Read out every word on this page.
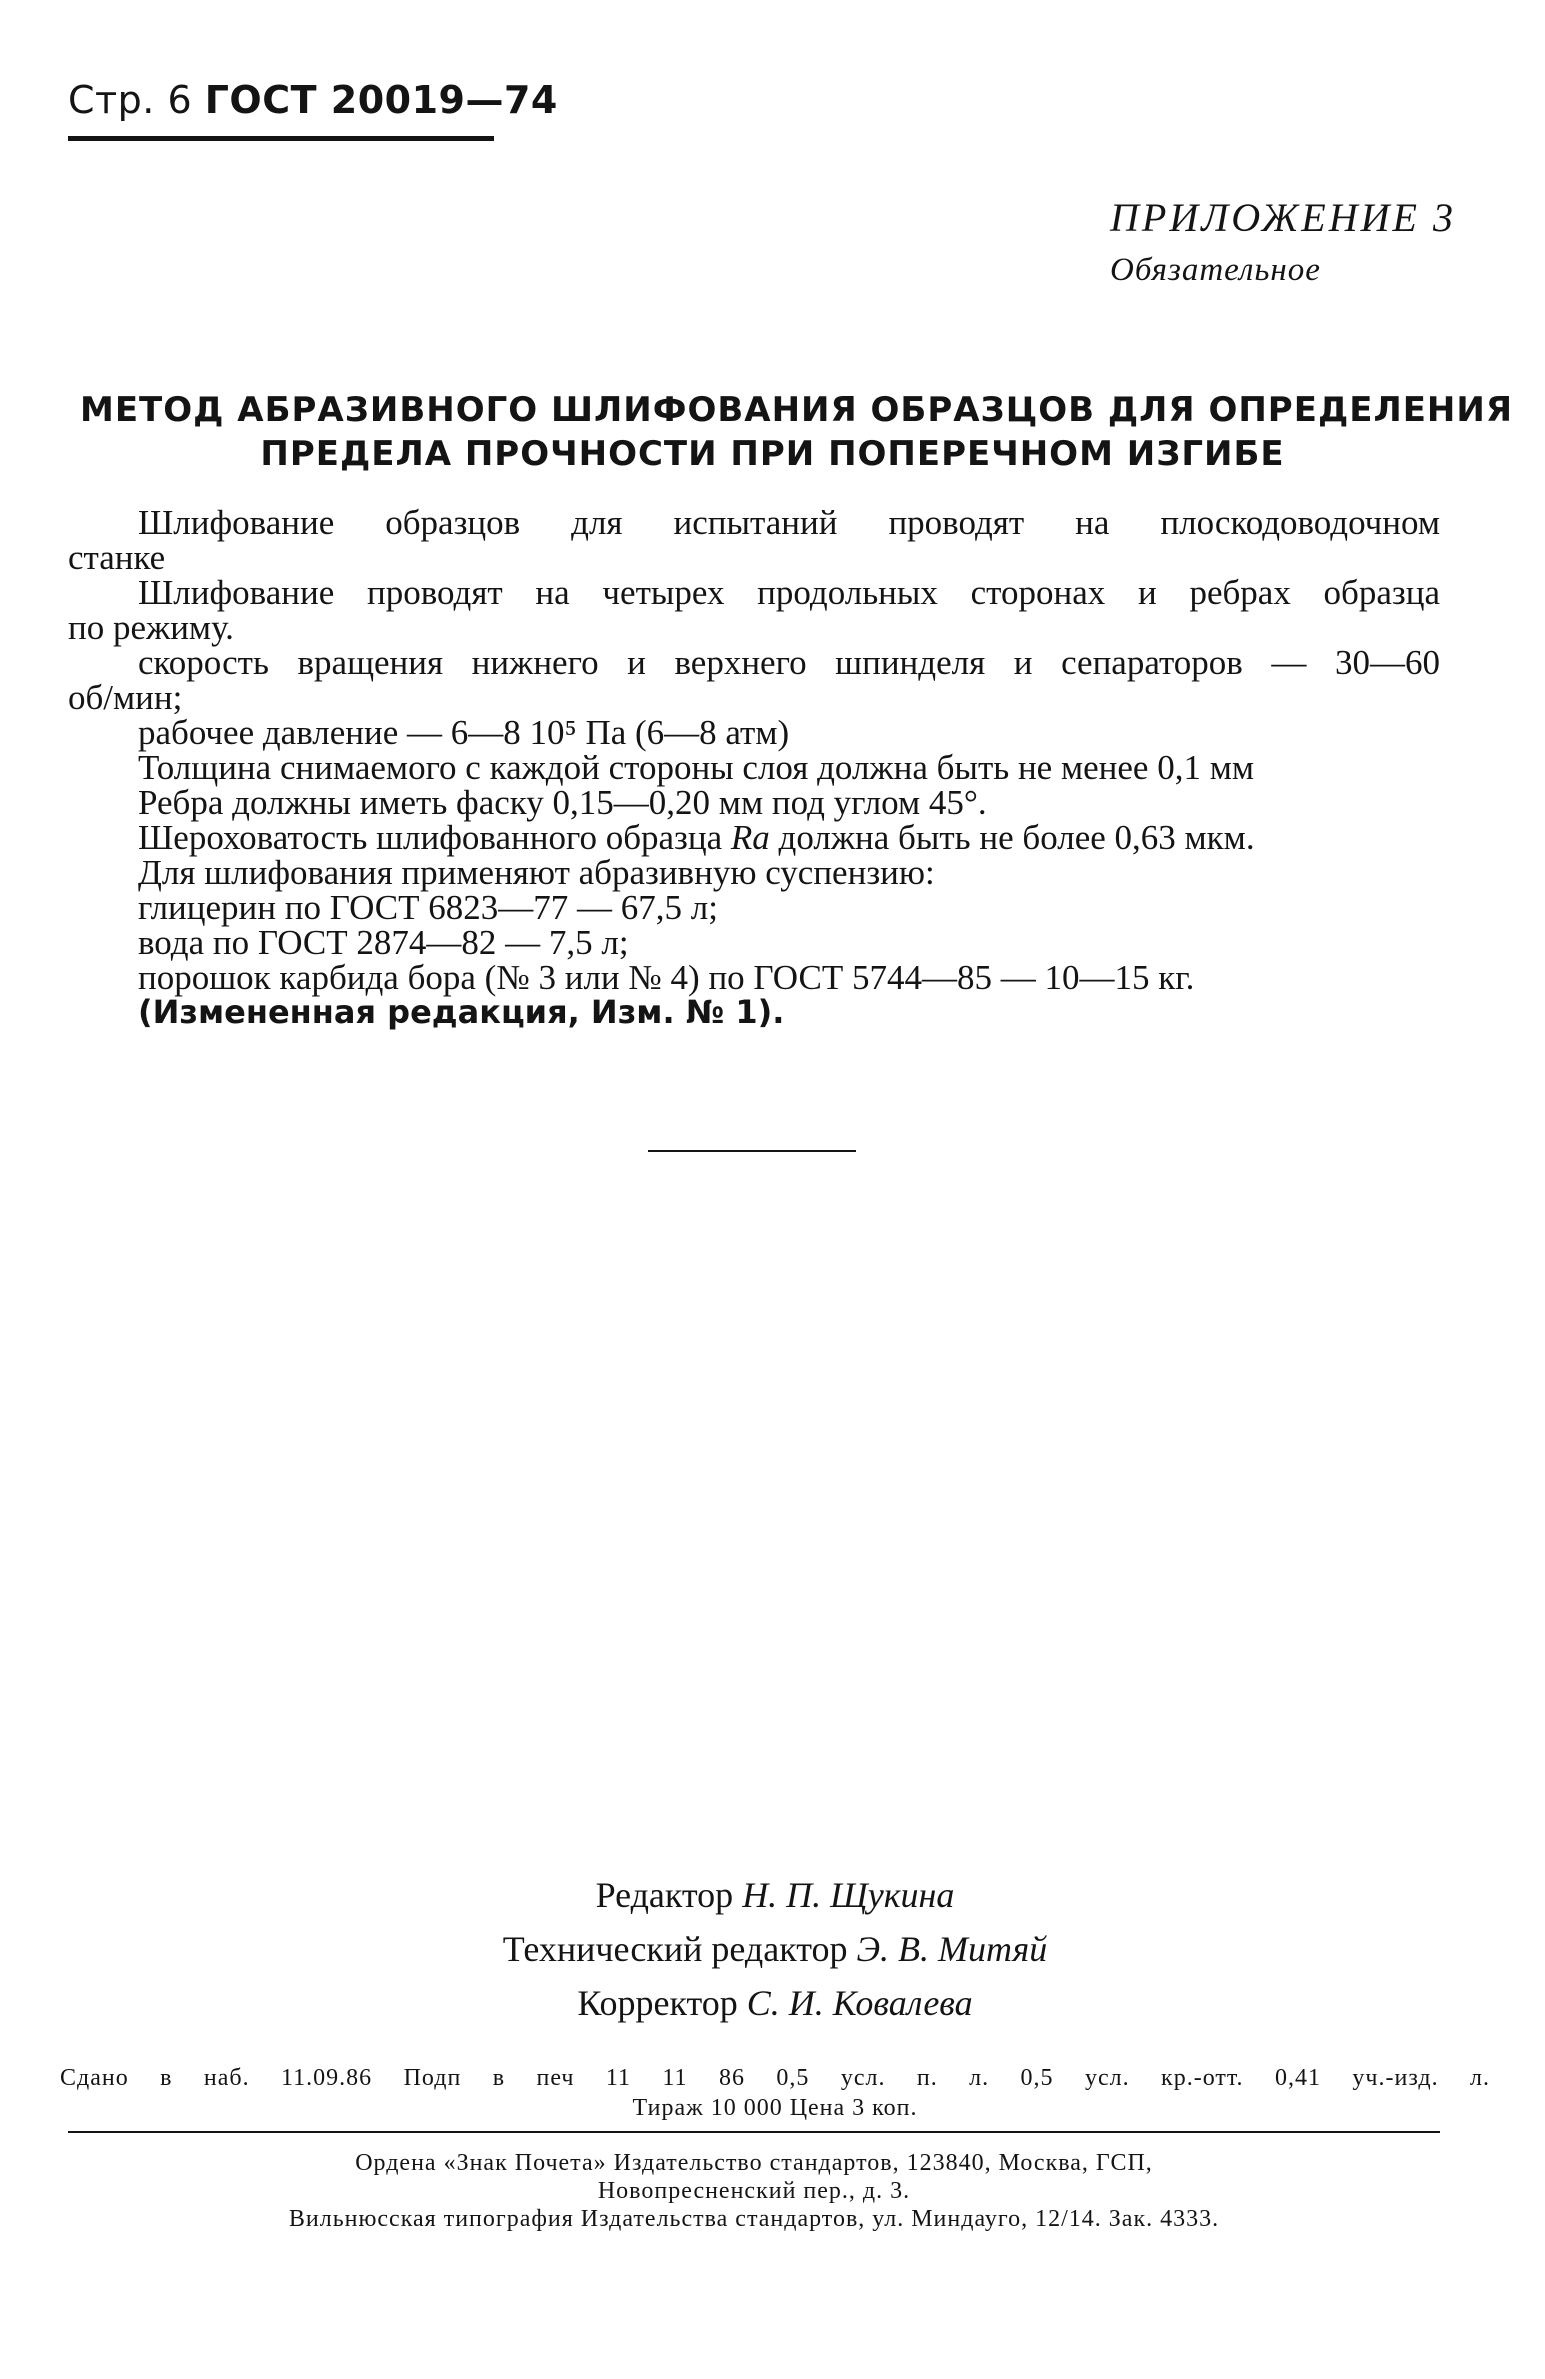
Стр. 6 ГОСТ 20019—74
ПРИЛОЖЕНИЕ 3
Обязательное
МЕТОД АБРАЗИВНОГО ШЛИФОВАНИЯ ОБРАЗЦОВ ДЛЯ ОПРЕДЕЛЕНИЯ
ПРЕДЕЛА ПРОЧНОСТИ ПРИ ПОПЕРЕЧНОМ ИЗГИБЕ

Шлифование образцов для испытаний проводят на плоскодоводочном

станке

Шлифование проводят на четырех продольных сторонах и ребрах образца

по режиму.

скорость вращения нижнего и верхнего шпинделя и сепараторов — 30—60

об/мин;

рабочее давление — 6—8 10⁵ Па (6—8 атм)

Толщина снимаемого с каждой стороны слоя должна быть не менее 0,1 мм

Ребра должны иметь фаску 0,15—0,20 мм под углом 45°.

Шероховатость шлифованного образца Ra должна быть не более 0,63 мкм.

Для шлифования применяют абразивную суспензию:

глицерин по ГОСТ 6823—77 — 67,5 л;

вода по ГОСТ 2874—82 — 7,5 л;

порошок карбида бора (№ 3 или № 4) по ГОСТ 5744—85 — 10—15 кг.

(Измененная редакция, Изм. № 1).

Редактор Н. П. Щукина
Технический редактор Э. В. Митяй
Корректор С. И. Ковалева
Сдано в наб. 11.09.86 Подп в печ 11 11 86 0,5 усл. п. л. 0,5 усл. кр.-отт. 0,41 уч.-изд. л.
Тираж 10 000 Цена 3 коп.
Ордена «Знак Почета» Издательство стандартов, 123840, Москва, ГСП,
Новопресненский пер., д. 3.
Вильнюсская типография Издательства стандартов, ул. Миндауго, 12/14. Зак. 4333.
